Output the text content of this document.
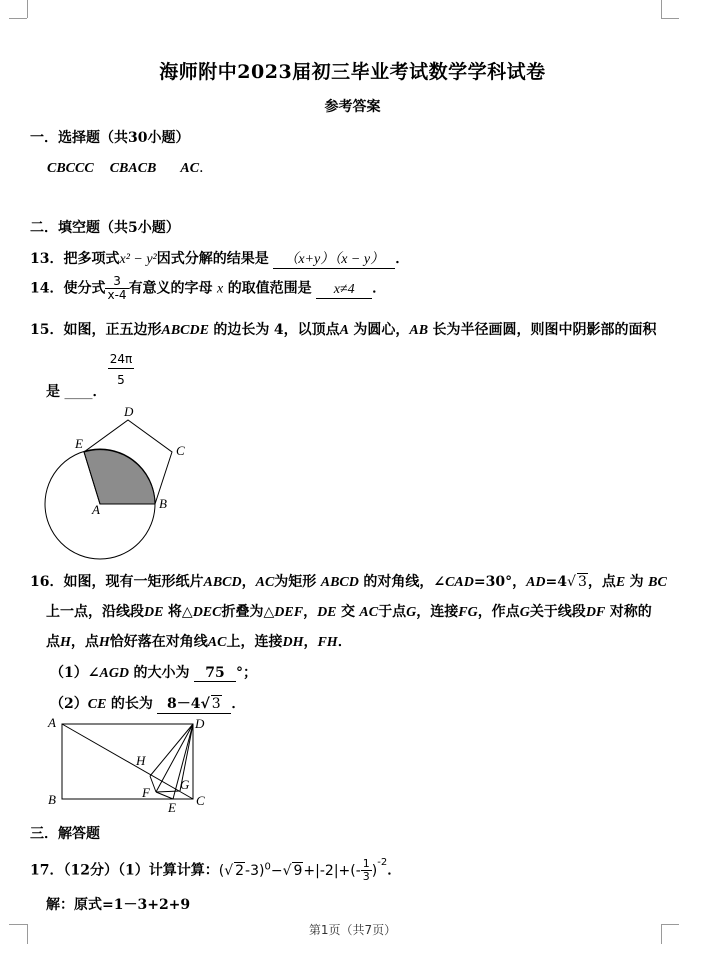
海师附中2023届初三毕业考试数学学科试卷
参考答案
一．选择题（共30小题）
CBCCC CBACB AC．
二．填空题（共5小题）
13．把多项式x² − y²因式分解的结果是 （x+y）（x − y） ．
14．使分式 $\frac{3}{x-4}$ 有意义的字母 x 的取值范围是 x≠4 ．
15．如图，正五边形ABCDE 的边长为 4，以顶点A 为圆心，AB 长为半径画圆，则图中阴影部的面积
$\frac{24\pi}{5}$
是 ____．
A	B
C
D
E
16．如图，现有一矩形纸片ABCD，AC为矩形 ABCD 的对角线，∠CAD=30°，AD=4√ 3，点E 为 BC
上一点，沿线段DE 将△DEC折叠为△DEF，DE 交 AC于点G，连接FG，作点G关于线段DF 对称的
点H，点H恰好落在对角线AC上，连接DH，FH．
（1）∠AGD 的大小为 75 °；
（2）CE 的长为 8－4√ 3 ．
A
B	C
D
E
F
G
H
三．解答题
17．（12分）（1）计算计算：(√ 2-3)$^0$−√ $9+|-2|+(- \frac{1}{3} )^{-2}$．
解：原式=1－3+2+9
第1页（共7页）
